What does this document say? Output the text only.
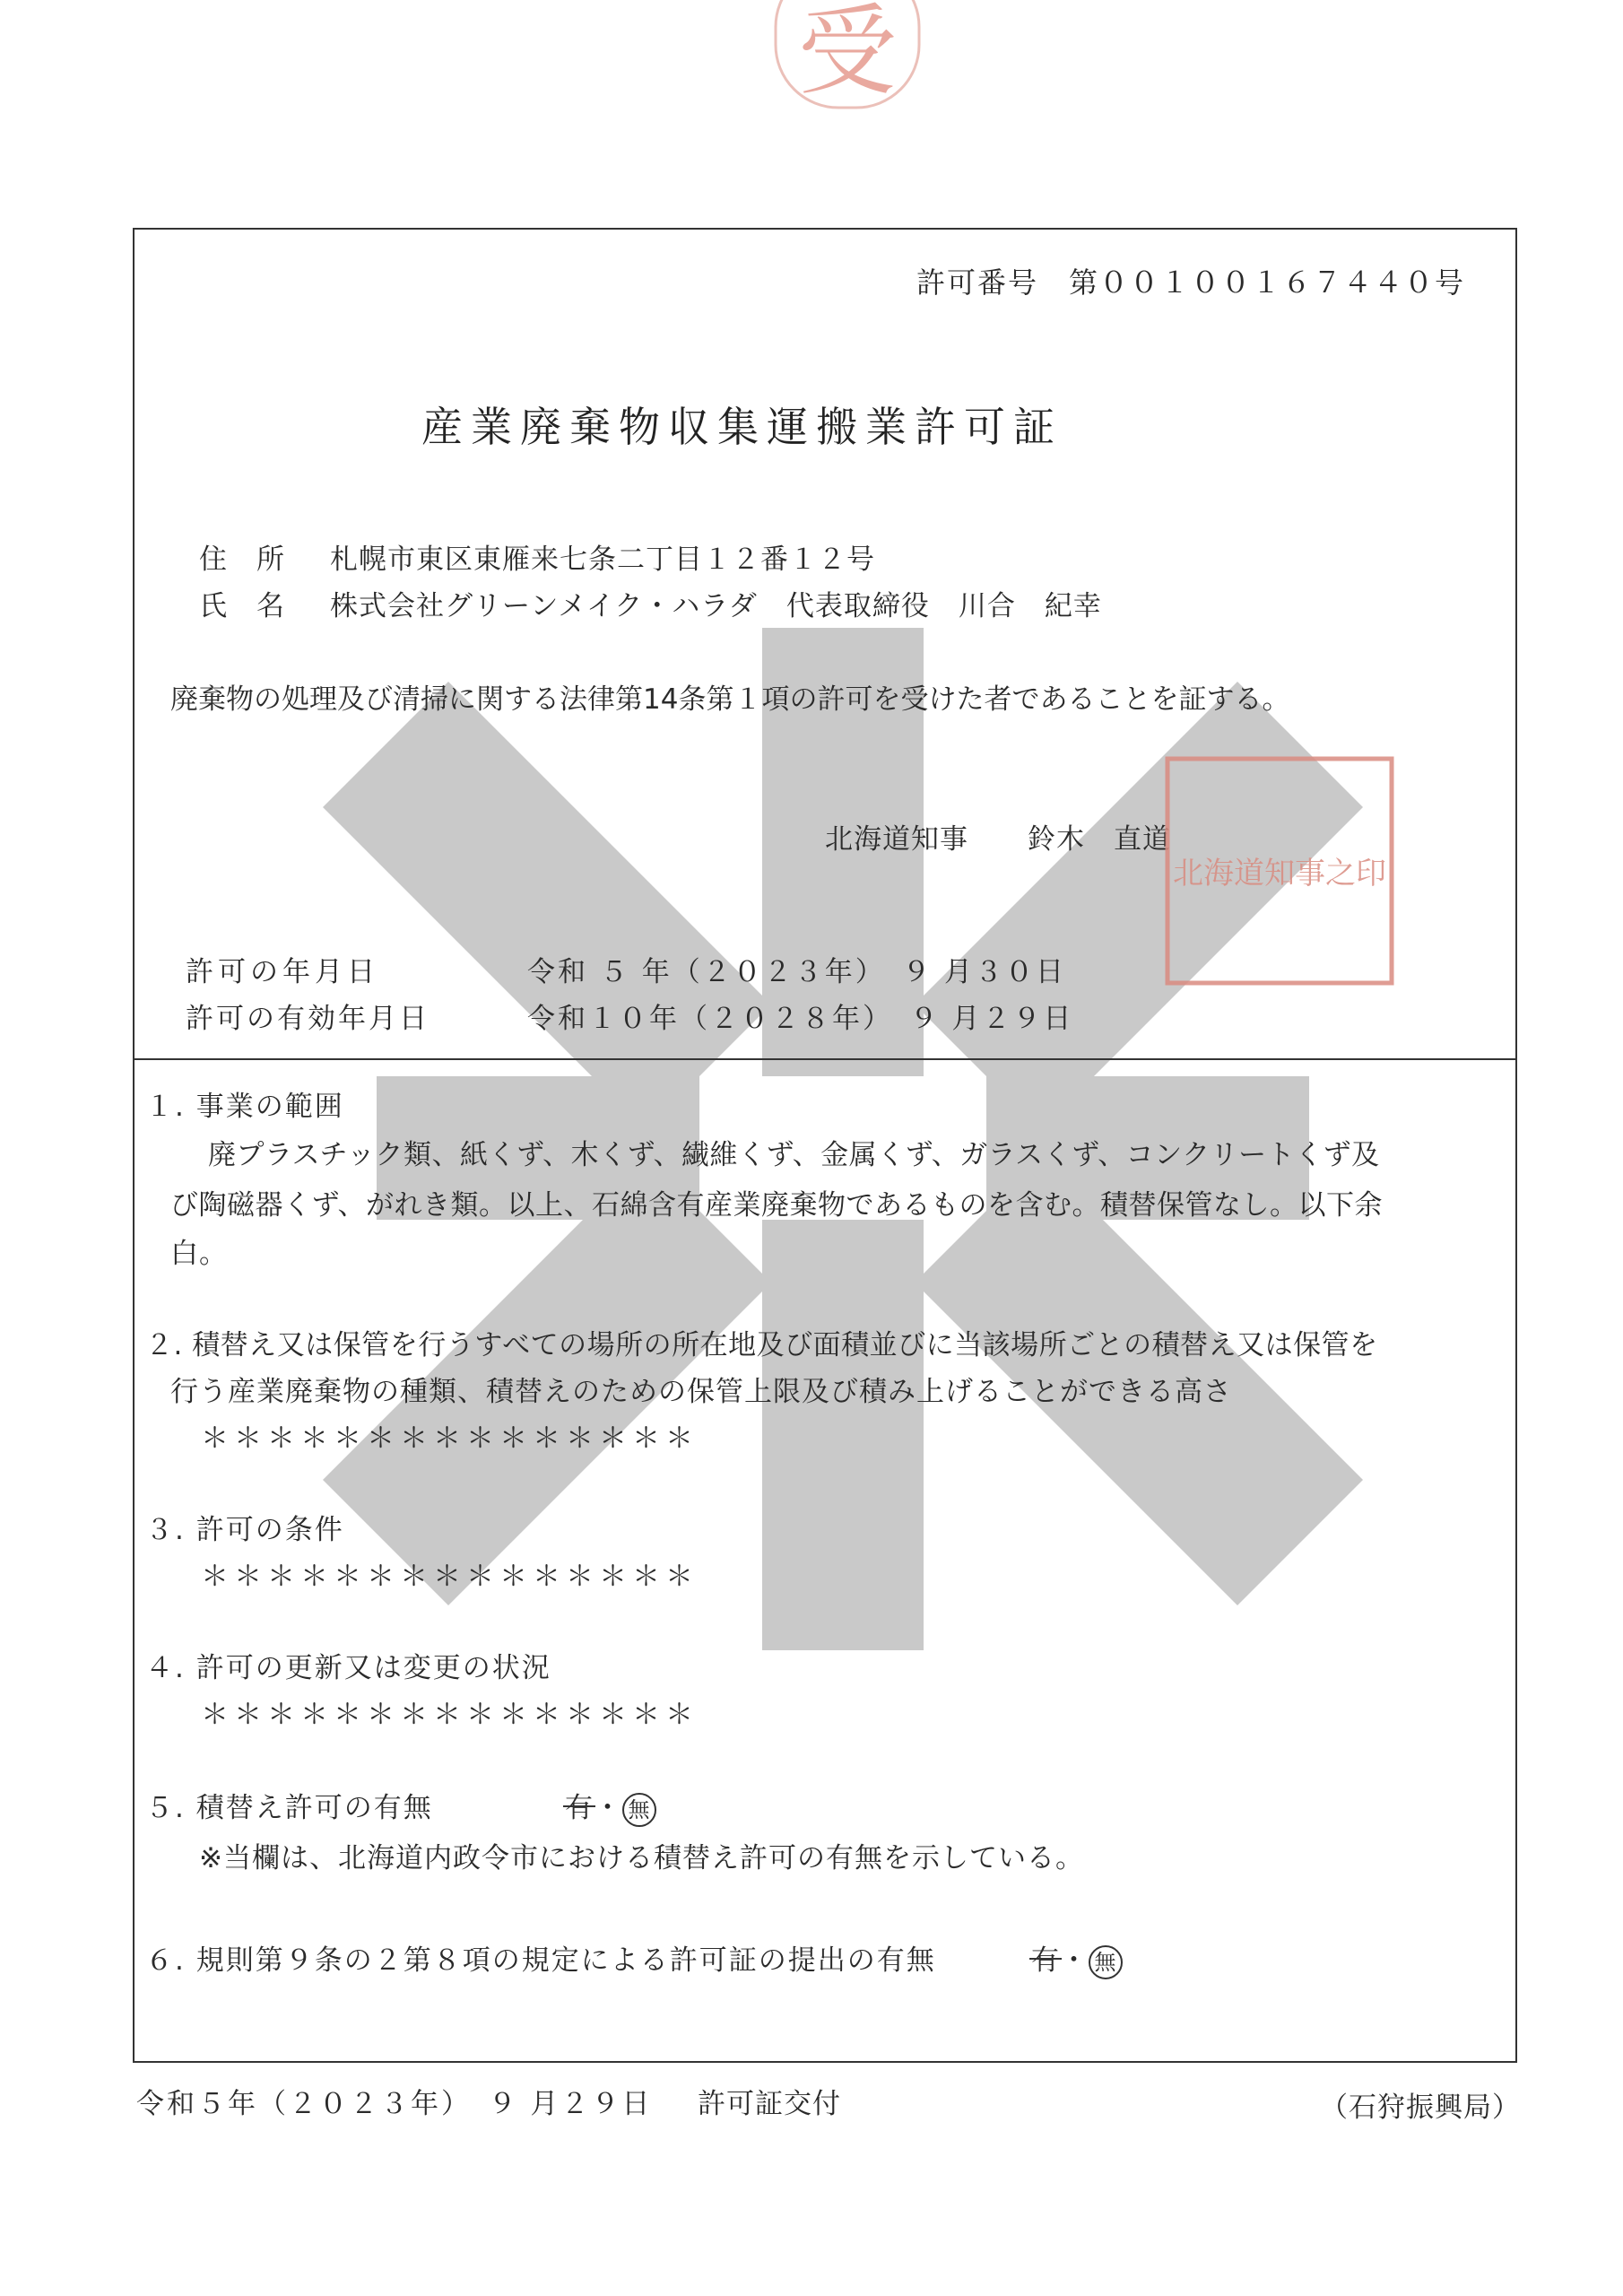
受
許可番号　第００１００１６７４４０号
産業廃棄物収集運搬業許可証
住　所 札幌市東区東雁来七条二丁目１２番１２号
氏　名 株式会社グリーンメイク・ハラダ　代表取締役　川合　紀幸
廃棄物の処理及び清掃に関する法律第14条第１項の許可を受けた者であることを証する。
北海道知事 鈴木　直道
北海道知事之印
許可の年月日	令和 ５ 年（２０２３年）　９ 月３０日
許可の有効年月日	令和１０年（２０２８年）　９ 月２９日
１. 事業の範囲
廃プラスチック類、紙くず、木くず、繊維くず、金属くず、ガラスくず、コンクリートくず及
び陶磁器くず、がれき類。以上、石綿含有産業廃棄物であるものを含む。積替保管なし。以下余
白。
２. 積替え又は保管を行うすべての場所の所在地及び面積並びに当該場所ごとの積替え又は保管を
行う産業廃棄物の種類、積替えのための保管上限及び積み上げることができる高さ
＊＊＊＊＊＊＊＊＊＊＊＊＊＊＊
３. 許可の条件
＊＊＊＊＊＊＊＊＊＊＊＊＊＊＊
４. 許可の更新又は変更の状況
＊＊＊＊＊＊＊＊＊＊＊＊＊＊＊
５. 積替え許可の有無	有・ 無
※当欄は、北海道内政令市における積替え許可の有無を示している。
６. 規則第９条の２第８項の規定による許可証の提出の有無	有・ 無
令和５年（２０２３年）　９ 月２９日 許可証交付	（石狩振興局）
